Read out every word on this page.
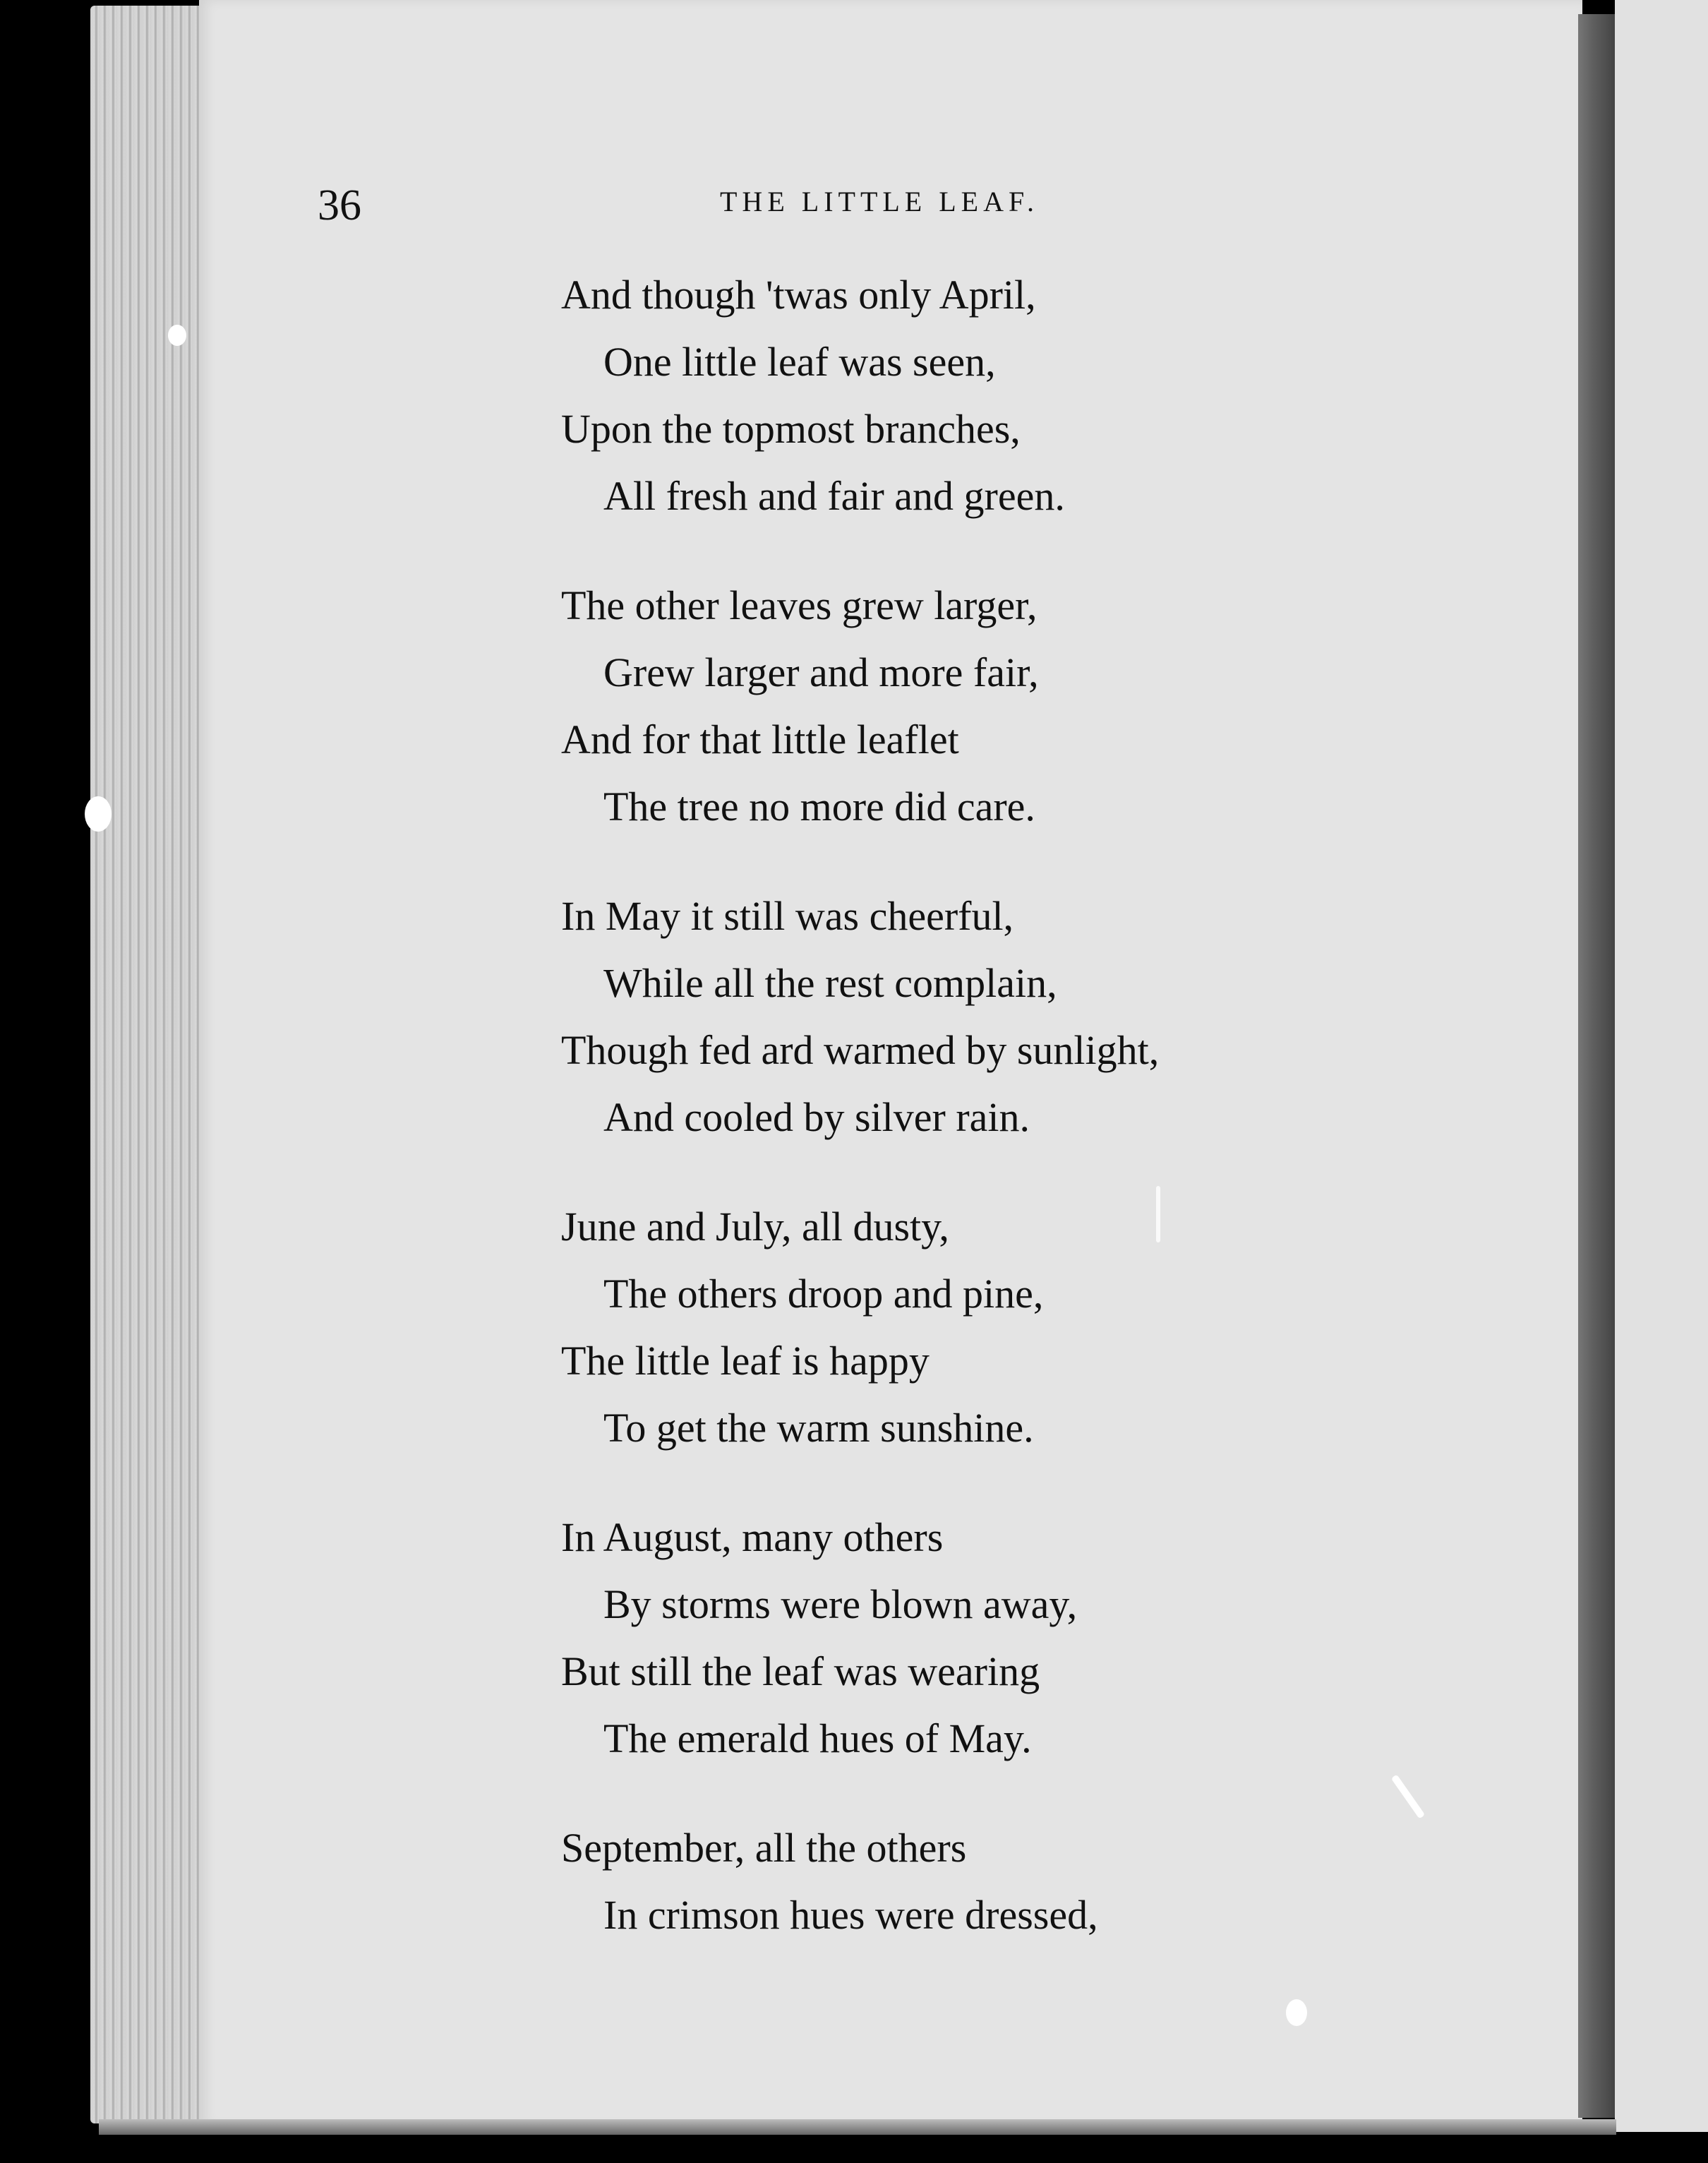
36	THE LITTLE LEAF.
And though 'twas only April,
One little leaf was seen,
Upon the topmost branches,
All fresh and fair and green.
The other leaves grew larger,
Grew larger and more fair,
And for that little leaflet
The tree no more did care.
In May it still was cheerful,
While all the rest complain,
Though fed ard warmed by sunlight,
And cooled by silver rain.
June and July, all dusty,
The others droop and pine,
The little leaf is happy
To get the warm sunshine.
In August, many others
By storms were blown away,
But still the leaf was wearing
The emerald hues of May.
September, all the others
In crimson hues were dressed,
